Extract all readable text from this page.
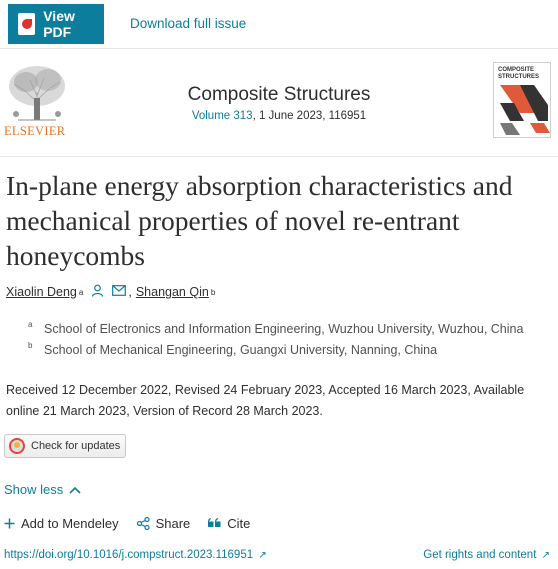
View PDF
Download full issue
ELSEVIER
Composite Structures
Volume 313, 1 June 2023, 116951
COMPOSITE STRUCTURES
In-plane energy absorption characteristics and mechanical properties of novel re-entrant honeycombs
Xiaolin Deng a	, Shangan Qin b
a School of Electronics and Information Engineering, Wuzhou University, Wuzhou, China
b School of Mechanical Engineering, Guangxi University, Nanning, China
Received 12 December 2022, Revised 24 February 2023, Accepted 16 March 2023, Available online 21 March 2023, Version of Record 28 March 2023.
Check for updates
Show less
Add to Mendeley	Share	Cite
https://doi.org/10.1016/j.compstruct.2023.116951 ↗	Get rights and content ↗
